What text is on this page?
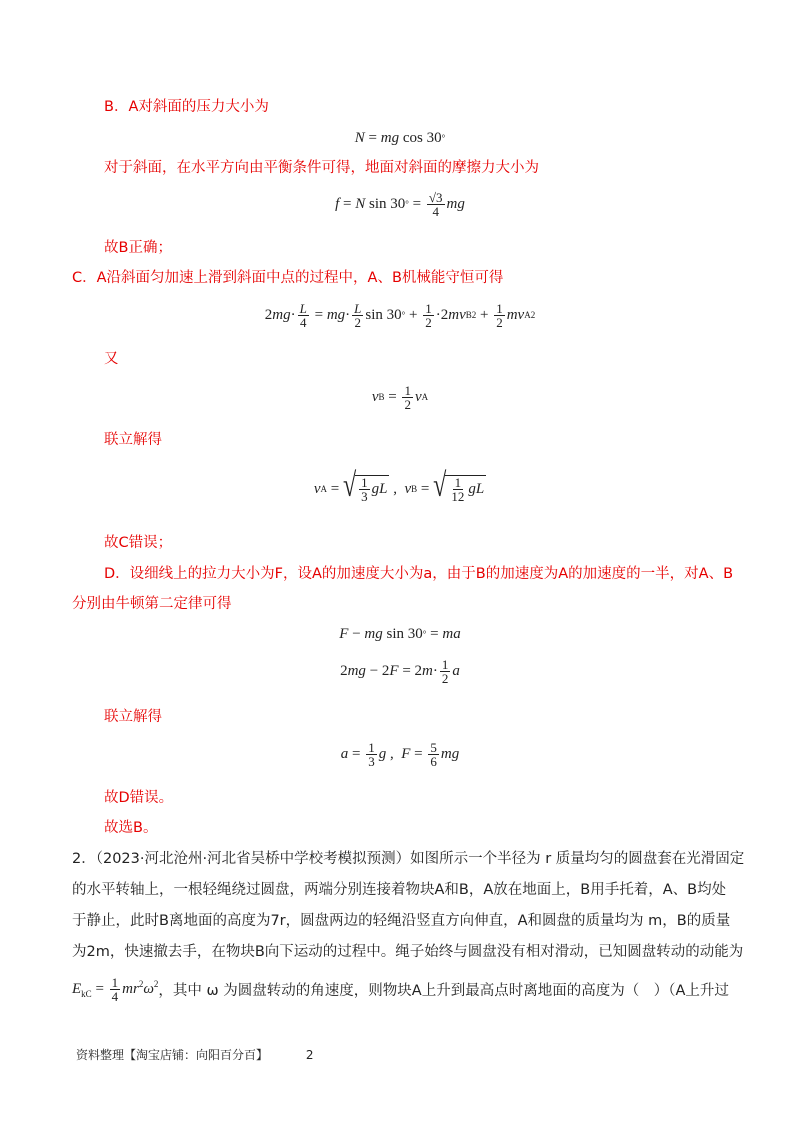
B．A对斜面的压力大小为
N = mg cos 30 °
对于斜面，在水平方向由平衡条件可得，地面对斜面的摩擦力大小为
f = N sin 30 ° = $\frac{√3}{4}$ mg
故B正确；
C．A沿斜面匀加速上滑到斜面中点的过程中，A、B机械能守恒可得
2 mg · $\frac{L}{4}$ = mg · $\frac{L}{2}$ sin 30 ° + $\frac{1}{2} \cdot 2$ mv B $2 + \frac{1}{2}$ mv A 2
又
v $B = \frac{1}{2}$ v A
联立解得
v A = √ $\frac{1}{3}$ gL , v B = √ $\frac{1}{12}$ gL
故C错误；
D．设细线上的拉力大小为F，设A的加速度大小为a，由于B的加速度为A的加速度的一半，对A、B
分别由牛顿第二定律可得
F − mg sin 30 ° = ma
2 mg − 2 F = 2 $m \cdot \frac{1}{2}$ a
联立解得
$a = \frac{1}{3}$ g , $F = \frac{5}{6}$ mg
故D错误。
故选B。
2．（2023·河北沧州·河北省吴桥中学校考模拟预测）如图所示一个半径为 r 质量均匀的圆盘套在光滑固定
的水平转轴上，一根轻绳绕过圆盘，两端分别连接着物块A和B，A放在地面上，B用手托着，A、B均处
于静止，此时B离地面的高度为7r，圆盘两边的轻绳沿竖直方向伸直，A和圆盘的质量均为 m，B的质量
为2m，快速撤去手，在物块B向下运动的过程中。绳子始终与圆盘没有相对滑动，已知圆盘转动的动能为
$E_{kC} = \frac{1}{4} mr^2\omega^2$ ，其中 ω 为圆盘转动的角速度，则物块A上升到最高点时离地面的高度为（　）（A上升过
资料整理【淘宝店铺：向阳百分百】	2
